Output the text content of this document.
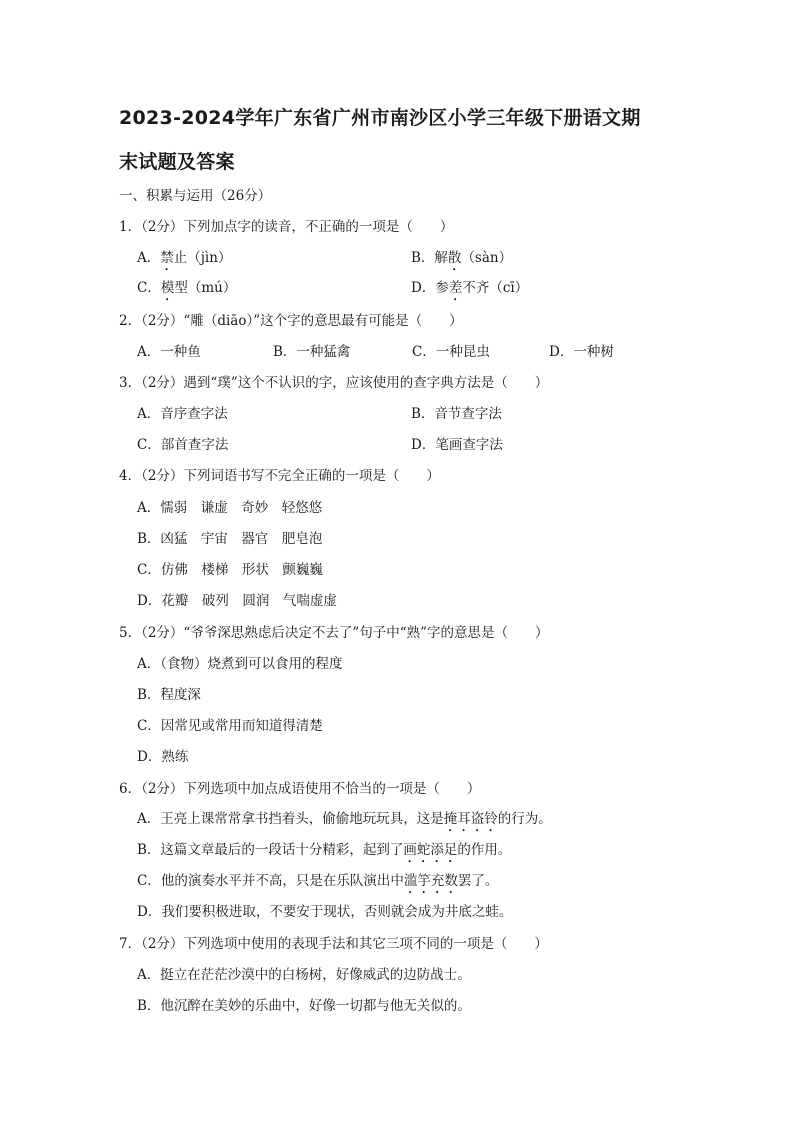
2023-2024学年广东省广州市南沙区小学三年级下册语文期
末试题及答案
一、积累与运用（26分）
1．（2分）下列加点字的读音，不正确的一项是（　　）
A．禁止（jìn）	B．解散（sàn）
C．模型（mú）	D．参差不齐（cī）
2．（2分）“雕（diāo）”这个字的意思最有可能是（　　）
A．一种鱼	B．一种猛禽	C．一种昆虫	D．一种树
3．（2分）遇到“璞”这个不认识的字，应该使用的查字典方法是（　　）
A．音序查字法	B．音节查字法
C．部首查字法	D．笔画查字法
4．（2分）下列词语书写不完全正确的一项是（　　）
A．懦弱　谦虚　奇妙　轻悠悠
B．凶猛　宇宙　器官　肥皂泡
C．仿佛　楼梯　形状　颤巍巍
D．花瓣　破列　圆润　气喘虚虚
5．（2分）“爷爷深思熟虑后决定不去了”句子中“熟”字的意思是（　　）
A．（食物）烧煮到可以食用的程度
B．程度深
C．因常见或常用而知道得清楚
D．熟练
6．（2分）下列选项中加点成语使用不恰当的一项是（　　）
A．王亮上课常常拿书挡着头，偷偷地玩玩具，这是掩耳盗铃的行为。
B．这篇文章最后的一段话十分精彩，起到了画蛇添足的作用。
C．他的演奏水平并不高，只是在乐队演出中滥竽充数罢了。
D．我们要积极进取，不要安于现状，否则就会成为井底之蛙。
7．（2分）下列选项中使用的表现手法和其它三项不同的一项是（　　）
A．挺立在茫茫沙漠中的白杨树，好像威武的边防战士。
B．他沉醉在美妙的乐曲中，好像一切都与他无关似的。
